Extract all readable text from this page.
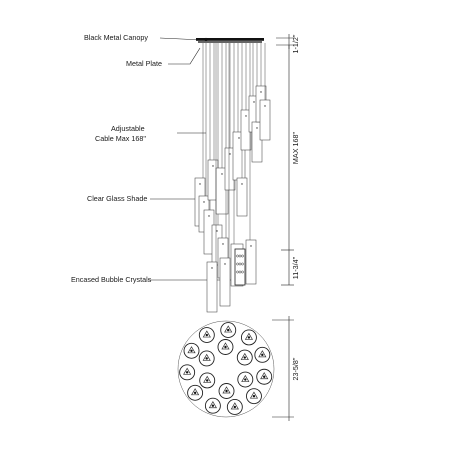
Black Metal Canopy
Metal Plate
Adjustable
Cable Max 168"
Clear Glass Shade
Encased Bubble Crystals
1-1/2"
MAX 168"
11-3/4"
23-5/8"
